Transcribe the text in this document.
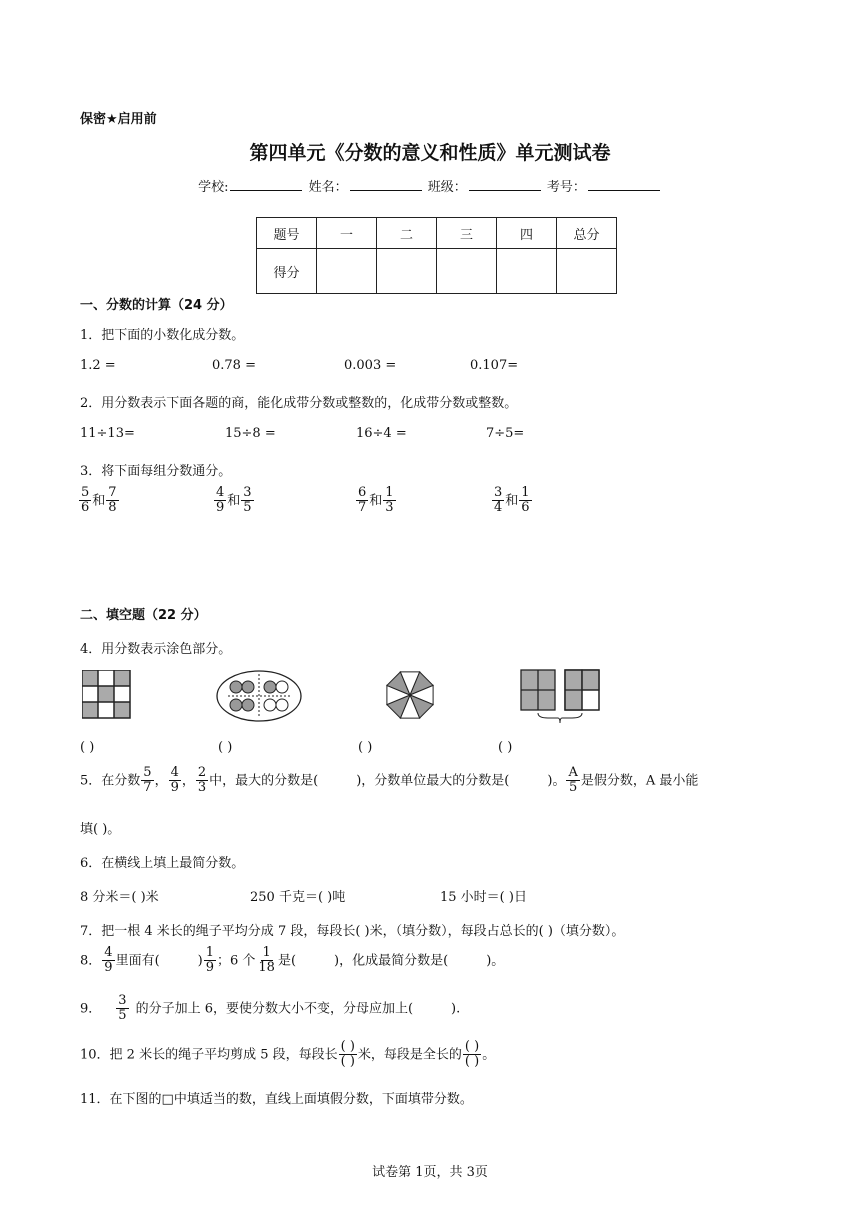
保密★启用前
第四单元《分数的意义和性质》单元测试卷
学校:	姓名：	班级：	考号：
题号	一	二	三	四	总分
得分					
一、分数的计算（24 分）
1．把下面的小数化成分数。
1.2 =	0.78 =	0.003 =	0.107=
2．用分数表示下面各题的商，能化成带分数或整数的，化成带分数或整数。
11÷13=	15÷8 =	16÷4 =	7÷5=
3．将下面每组分数通分。
$\frac{5}{6}$ 和 $\frac{7}{8}$	$\frac{4}{9}$ 和 $\frac{3}{5}$	$\frac{6}{7}$ 和 $\frac{1}{3}$	$\frac{3}{4}$ 和 $\frac{1}{6}$
二、填空题（22 分）
4．用分数表示涂色部分。
( )	( )	( )	( )
5．在分数 $\frac{5}{7}$ ， $\frac{4}{9}$ ， $\frac{2}{3}$ 中，最大的分数是(	)，分数单位最大的分数是(	)。 $\frac{A}{5}$ 是假分数，A 最小能
填( )。
6．在横线上填上最简分数。
8 分米＝( )米	250 千克＝( )吨	15 小时＝( )日
7．把一根 4 米长的绳子平均分成 7 段，每段长( )米，（填分数），每段占总长的( )（填分数）。
8． $\frac{4}{9}$ 里面有(	) $\frac{1}{9}$ ；6 个 $\frac{1}{18}$ 是(	)，化成最简分数是(	)。
9． $\frac{3}{5}$ 的分子加上 6，要使分数大小不变，分母应加上(	).
10．把 2 米长的绳子平均剪成 5 段，每段长 $\frac{( )}{( )}$ 米，每段是全长的 $\frac{( )}{( )}$ 。
11．在下图的□中填适当的数，直线上面填假分数，下面填带分数。
试卷第 1页，共 3页
